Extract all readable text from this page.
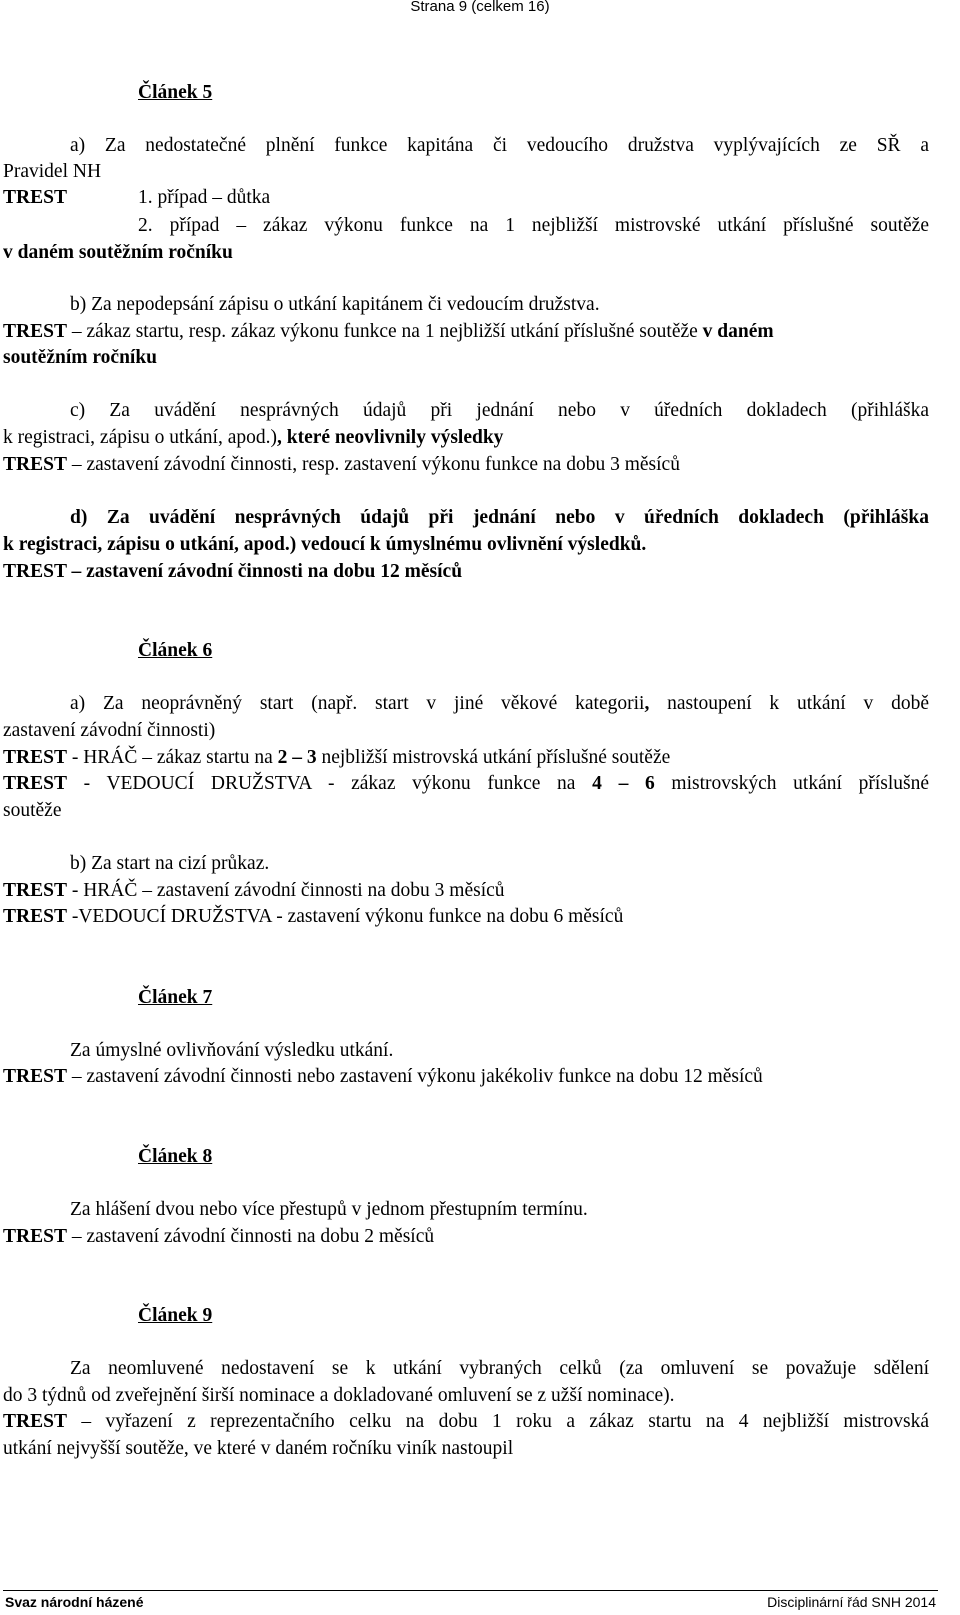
Strana 9 (celkem 16)
Článek 5
a) Za nedostatečné plnění funkce kapitána či vedoucího družstva vyplývajících ze SŘ a
Pravidel NH
TREST	1. případ – důtka
2. případ – zákaz výkonu funkce na 1 nejbližší mistrovské utkání příslušné soutěže
v daném soutěžním ročníku
b) Za nepodepsání zápisu o utkání kapitánem či vedoucím družstva.
TREST – zákaz startu, resp. zákaz výkonu funkce na 1 nejbližší utkání příslušné soutěže v daném
soutěžním ročníku
c) Za uvádění nesprávných údajů při jednání nebo v úředních dokladech (přihláška
k registraci, zápisu o utkání, apod.), které neovlivnily výsledky
TREST – zastavení závodní činnosti, resp. zastavení výkonu funkce na dobu 3 měsíců
d) Za uvádění nesprávných údajů při jednání nebo v úředních dokladech (přihláška
k registraci, zápisu o utkání, apod.) vedoucí k úmyslnému ovlivnění výsledků.
TREST – zastavení závodní činnosti na dobu 12 měsíců
Článek 6
a) Za neoprávněný start (např. start v jiné věkové kategorii, nastoupení k utkání v době
zastavení závodní činnosti)
TREST - HRÁČ – zákaz startu na 2 – 3 nejbližší mistrovská utkání příslušné soutěže
TREST - VEDOUCÍ DRUŽSTVA - zákaz výkonu funkce na 4 – 6 mistrovských utkání příslušné
soutěže
b) Za start na cizí průkaz.
TREST - HRÁČ – zastavení závodní činnosti na dobu 3 měsíců
TREST -VEDOUCÍ DRUŽSTVA - zastavení výkonu funkce na dobu 6 měsíců
Článek 7
Za úmyslné ovlivňování výsledku utkání.
TREST – zastavení závodní činnosti nebo zastavení výkonu jakékoliv funkce na dobu 12 měsíců
Článek 8
Za hlášení dvou nebo více přestupů v jednom přestupním termínu.
TREST – zastavení závodní činnosti na dobu 2 měsíců
Článek 9
Za neomluvené nedostavení se k utkání vybraných celků (za omluvení se považuje sdělení
do 3 týdnů od zveřejnění širší nominace a dokladované omluvení se z užší nominace).
TREST – vyřazení z reprezentačního celku na dobu 1 roku a zákaz startu na 4 nejbližší mistrovská
utkání nejvyšší soutěže, ve které v daném ročníku viník nastoupil
Svaz národní házené	Disciplinární řád SNH 2014
